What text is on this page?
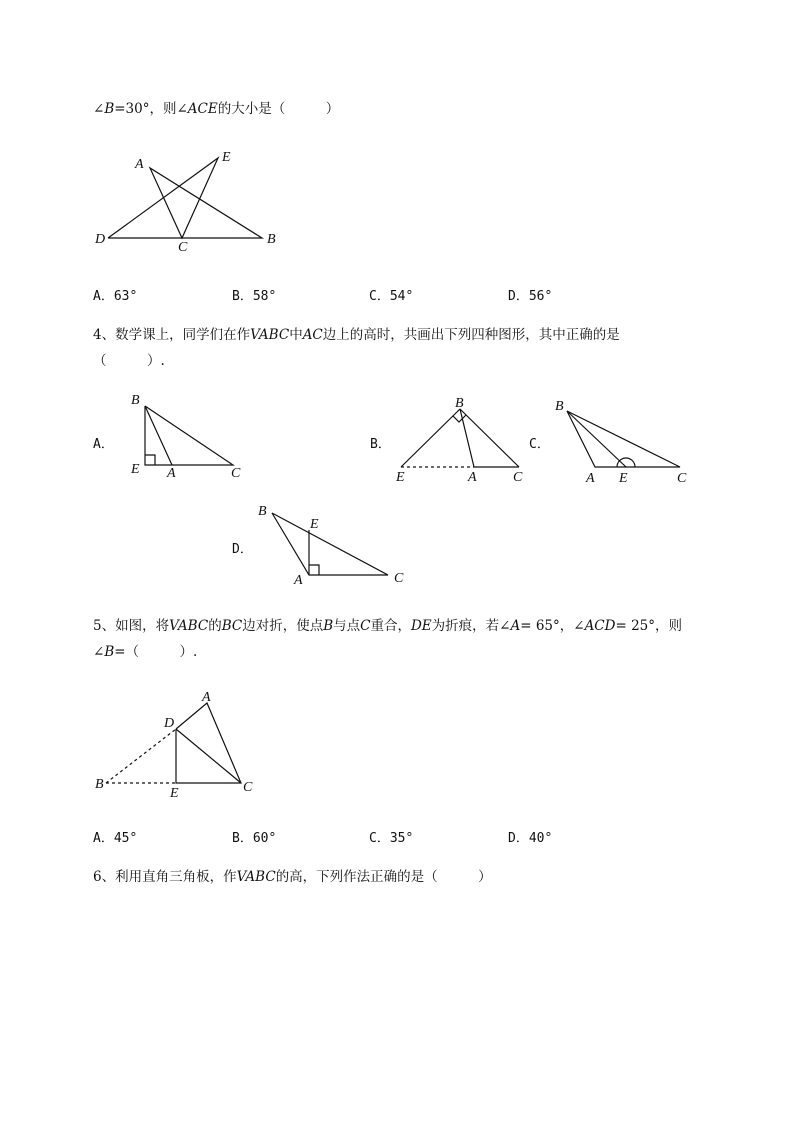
∠B=30°，则∠ACE的大小是（　　　）
A	E
D
C
B
A．63°	B．58°	C．54°	D．56°
4、数学课上，同学们在作VABC中AC边上的高时，共画出下列四种图形，其中正确的是
（　　　）.
A．	B．	C．
D．
B
E A	C
B
E	A	C
B
A E	C
B
E
A	C
5、如图，将VABC的BC边对折，使点B与点C重合，DE为折痕，若∠A= 65°，∠ACD= 25°，则
∠B=（　　　）.
A
D
B
E	C
A．45°	B．60°	C．35°	D．40°
6、利用直角三角板，作VABC的高，下列作法正确的是（　　　）
